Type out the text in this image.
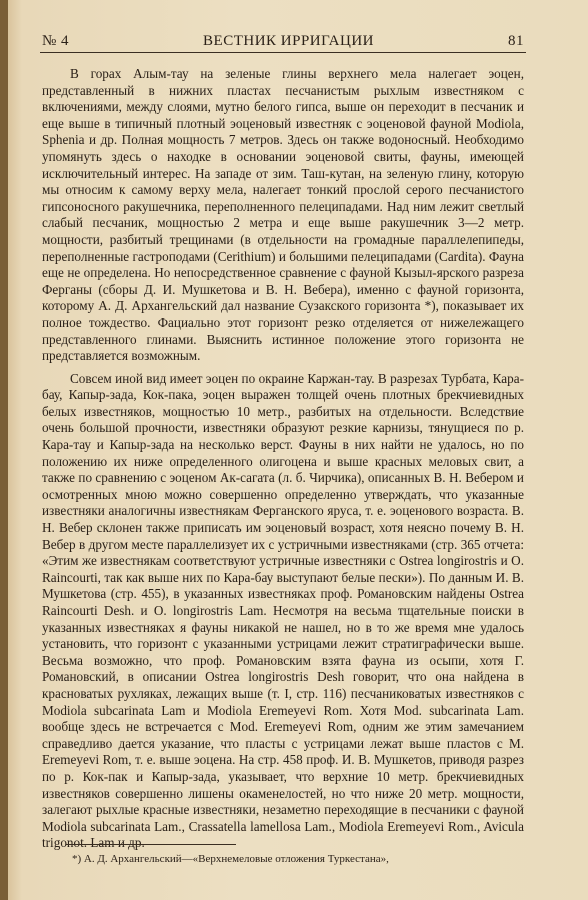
№ 4	ВЕСТНИК ИРРИГАЦИИ	81

В горах Алым-тау на зеленые глины верхнего мела налегает эоцен, представленный в нижних пластах песчанистым рыхлым известняком с включениями, между слоями, мутно белого гипса, выше он переходит в песчаник и еще выше в типичный плотный эоценовый известняк с эоценовой фауной Modiola, Sphenia и др. Полная мощность 7 метров. Здесь он также водоносный. Необходимо упомянуть здесь о находке в основании эоценовой свиты, фауны, имеющей исключительный интерес. На западе от зим. Таш-кутан, на зеленую глину, которую мы относим к самому верху мела, налегает тонкий прослой серого песчанистого гипсоносного ракушечника, переполненного пелеципадами. Над ним лежит светлый слабый песчаник, мощностью 2 метра и еще выше ракушечник 3—2 метр. мощности, разбитый трещинами (в отдельности на громадные параллелепипеды, переполненные гастроподами (Cerithium) и большими пелеципадами (Cardita). Фауна еще не определена. Но непосредственное сравнение с фауной Кызыл-ярского разреза Ферганы (сборы Д. И. Мушкетова и В. Н. Вебера), именно с фауной горизонта, которому А. Д. Архангельский дал название Сузакского горизонта *), показывает их полное тождество. Фациально этот горизонт резко отделяется от нижележащего представленного глинами. Выяснить истинное положение этого горизонта не представляется возможным.

Совсем иной вид имеет эоцен по окраине Каржан-тау. В разрезах Турбата, Кара-бау, Капыр-зада, Кок-пака, эоцен выражен толщей очень плотных брекчиевидных белых известняков, мощностью 10 метр., разбитых на отдельности. Вследствие очень большой прочности, известняки образуют резкие карнизы, тянущиеся по р. Кара-тау и Капыр-зада на несколько верст. Фауны в них найти не удалось, но по положению их ниже определенного олигоцена и выше красных меловых свит, а также по сравнению с эоценом Ак-сагата (л. б. Чирчика), описанных В. Н. Вебером и осмотренных мною можно совершенно определенно утверждать, что указанные известняки аналогичны известнякам Ферганского яруса, т. е. эоценового возраста. В. Н. Вебер склонен также приписать им эоценовый возраст, хотя неясно почему В. Н. Вебер в другом месте параллелизует их с устричными известняками (стр. 365 отчета: «Этим же известнякам соответствуют устричные известняки с Ostrea longirostris и O. Raincourti, так как выше них по Кара-бау выступают белые пески»). По данным И. В. Мушкетова (стр. 455), в указанных известняках проф. Романовским найдены Ostrea Raincourti Desh. и O. longirostris Lam. Несмотря на весьма тщательные поиски в указанных известняках я фауны никакой не нашел, но в то же время мне удалось установить, что горизонт с указанными устрицами лежит стратиграфически выше. Весьма возможно, что проф. Романовским взята фауна из осыпи, хотя Г. Романовский, в описании Ostrea longirostris Desh говорит, что она найдена в красноватых рухляках, лежащих выше (т. I, стр. 116) песчаниковатых известняков с Modiola subcarinata Lam и Modiola Eremeyevi Rom. Хотя Mod. subcarinata Lam. вообще здесь не встречается с Mod. Eremeyevi Rom, одним же этим замечанием справедливо дается указание, что пласты с устрицами лежат выше пластов с M. Eremeyevi Rom, т. е. выше эоцена. На стр. 458 проф. И. В. Мушкетов, приводя разрез по р. Кок-пак и Капыр-зада, указывает, что верхние 10 метр. брекчиевидных известняков совершенно лишены окаменелостей, но что ниже 20 метр. мощности, залегают рыхлые красные известняки, незаметно переходящие в песчаники с фауной Modiola subcarinata Lam., Crassatella lamellosa Lam., Modiola Eremeyevi Rom., Avicula trigonot. Lam и др.

*) А. Д. Архангельский—«Верхнемеловые отложения Туркестана»,
